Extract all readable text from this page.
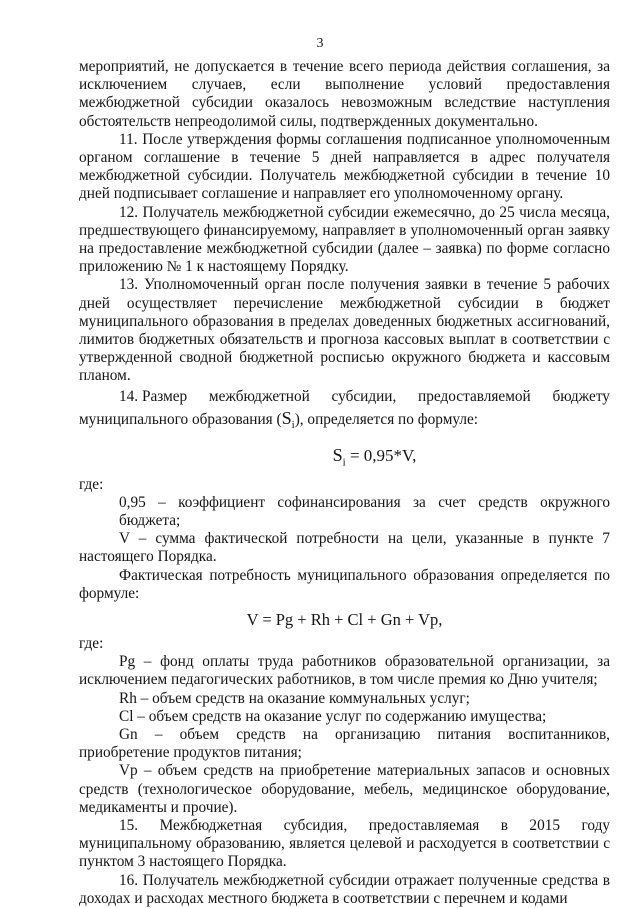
3

мероприятий, не допускается в течение всего периода действия соглашения, за исключением случаев, если выполнение условий предоставления межбюджетной субсидии оказалось невозможным вследствие наступления обстоятельств непреодолимой силы, подтвержденных документально.

11. После утверждения формы соглашения подписанное уполномоченным органом соглашение в течение 5 дней направляется в адрес получателя межбюджетной субсидии. Получатель межбюджетной субсидии в течение 10 дней подписывает соглашение и направляет его уполномоченному органу.

12. Получатель межбюджетной субсидии ежемесячно, до 25 числа месяца, предшествующего финансируемому, направляет в уполномоченный орган заявку на предоставление межбюджетной субсидии (далее – заявка) по форме согласно приложению № 1 к настоящему Порядку.

13. Уполномоченный орган после получения заявки в течение 5 рабочих дней осуществляет перечисление межбюджетной субсидии в бюджет муниципального образования в пределах доведенных бюджетных ассигнований, лимитов бюджетных обязательств и прогноза кассовых выплат в соответствии с утвержденной сводной бюджетной росписью окружного бюджета и кассовым планом.

14. Размер межбюджетной субсидии, предоставляемой бюджету

муниципального образования $(S_i)$, определяется по формуле:

$S_i = 0,95*V$,

где:

0,95 – коэффициент софинансирования за счет средств окружного бюджета;

V – сумма фактической потребности на цели, указанные в пункте 7 настоящего Порядка.

Фактическая потребность муниципального образования определяется по формуле:

V = Pg + Rh + Cl + Gn + Vp,

где:

Pg – фонд оплаты труда работников образовательной организации, за исключением педагогических работников, в том числе премия ко Дню учителя;

Rh – объем средств на оказание коммунальных услуг;

Cl – объем средств на оказание услуг по содержанию имущества;

Gn – объем средств на организацию питания воспитанников, приобретение продуктов питания;

Vp – объем средств на приобретение материальных запасов и основных средств (технологическое оборудование, мебель, медицинское оборудование, медикаменты и прочие).

15. Межбюджетная субсидия, предоставляемая в 2015 году муниципальному образованию, является целевой и расходуется в соответствии с пунктом 3 настоящего Порядка.

16. Получатель межбюджетной субсидии отражает полученные средства в доходах и расходах местного бюджета в соответствии с перечнем и кодами
